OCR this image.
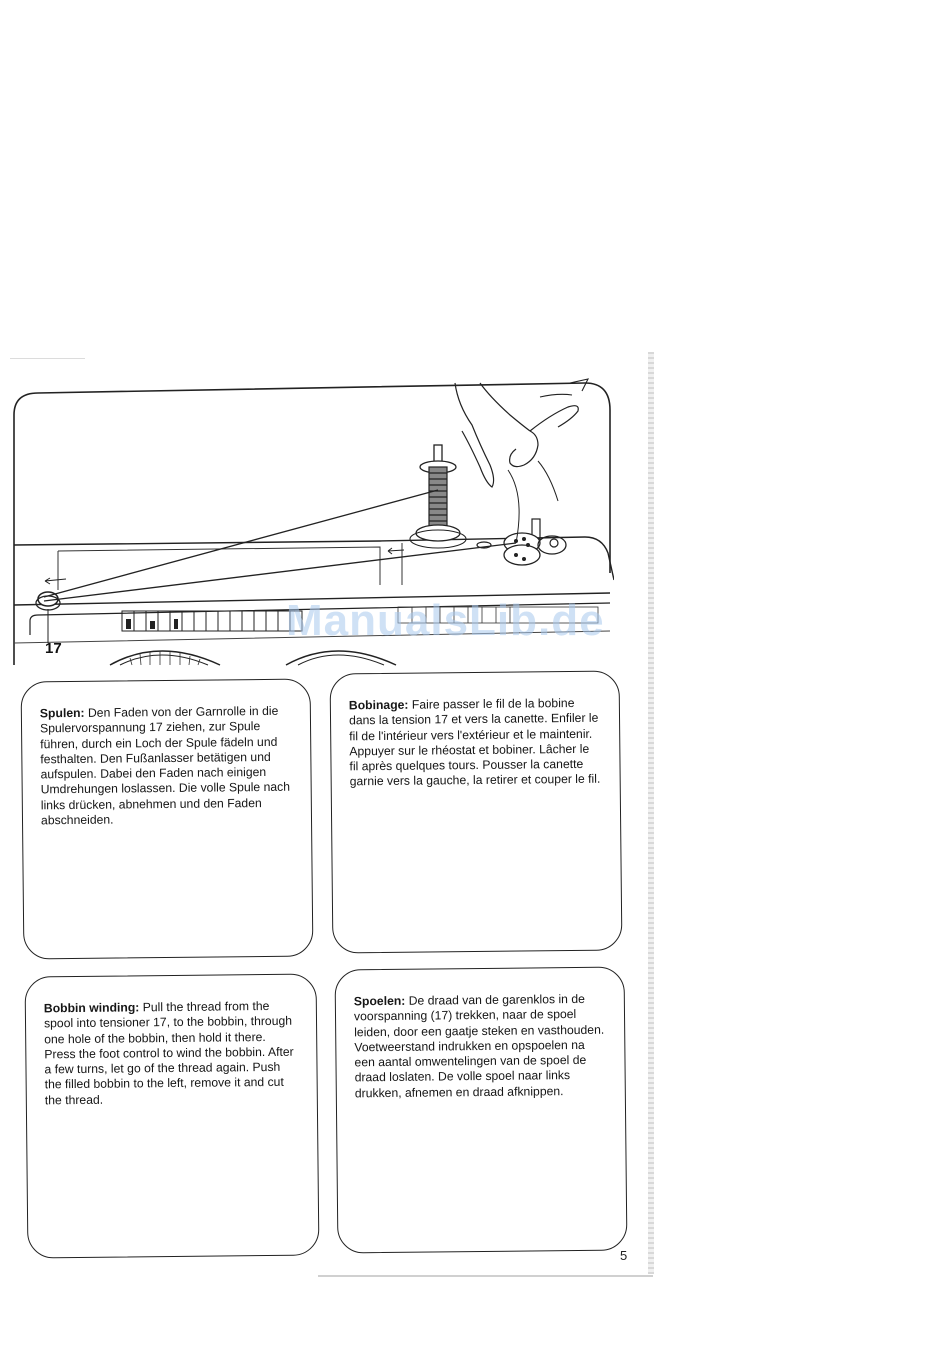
17
ManualsLib.de
Spulen: Den Faden von der Garnrolle in die Spulervorspannung 17 ziehen, zur Spule führen, durch ein Loch der Spule fädeln und festhalten. Den Fußanlasser betätigen und aufspulen. Dabei den Faden nach einigen Umdrehungen loslassen. Die volle Spule nach links drücken, abnehmen und den Faden abschneiden.
Bobinage: Faire passer le fil de la bobine dans la tension 17 et vers la canette. Enfiler le fil de l'intérieur vers l'extérieur et le maintenir. Appuyer sur le rhéostat et bobiner. Lâcher le fil après quelques tours. Pousser la canette garnie vers la gauche, la retirer et couper le fil.
Bobbin winding: Pull the thread from the spool into tensioner 17, to the bobbin, through one hole of the bobbin, then hold it there. Press the foot control to wind the bobbin. After a few turns, let go of the thread again. Push the filled bobbin to the left, remove it and cut the thread.
Spoelen: De draad van de garenklos in de voorspanning (17) trekken, naar de spoel leiden, door een gaatje steken en vasthouden. Voetweerstand indrukken en opspoelen na een aantal omwentelingen van de spoel de draad loslaten. De volle spoel naar links drukken, afnemen en draad afknippen.
5
